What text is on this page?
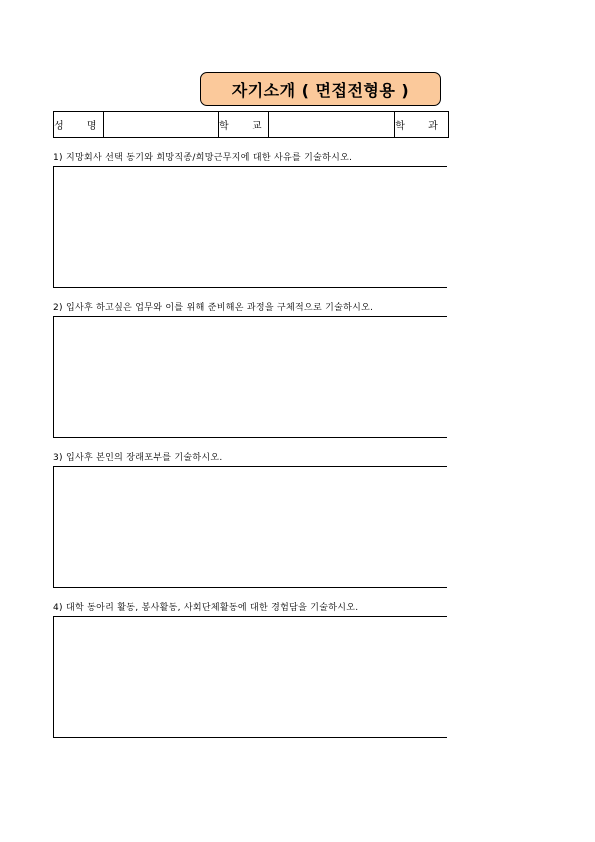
자기소개 ( 면접전형용 )
성 명		학 교		학 과
1) 지망회사 선택 동기와 희망직종/희망근무지에 대한 사유를 기술하시오.
2) 입사후 하고싶은 업무와 이를 위해 준비해온 과정을 구체적으로 기술하시오.
3) 입사후 본인의 장래포부를 기술하시오.
4) 대학 동아리 활동, 봉사활동, 사회단체활동에 대한 경험담을 기술하시오.
